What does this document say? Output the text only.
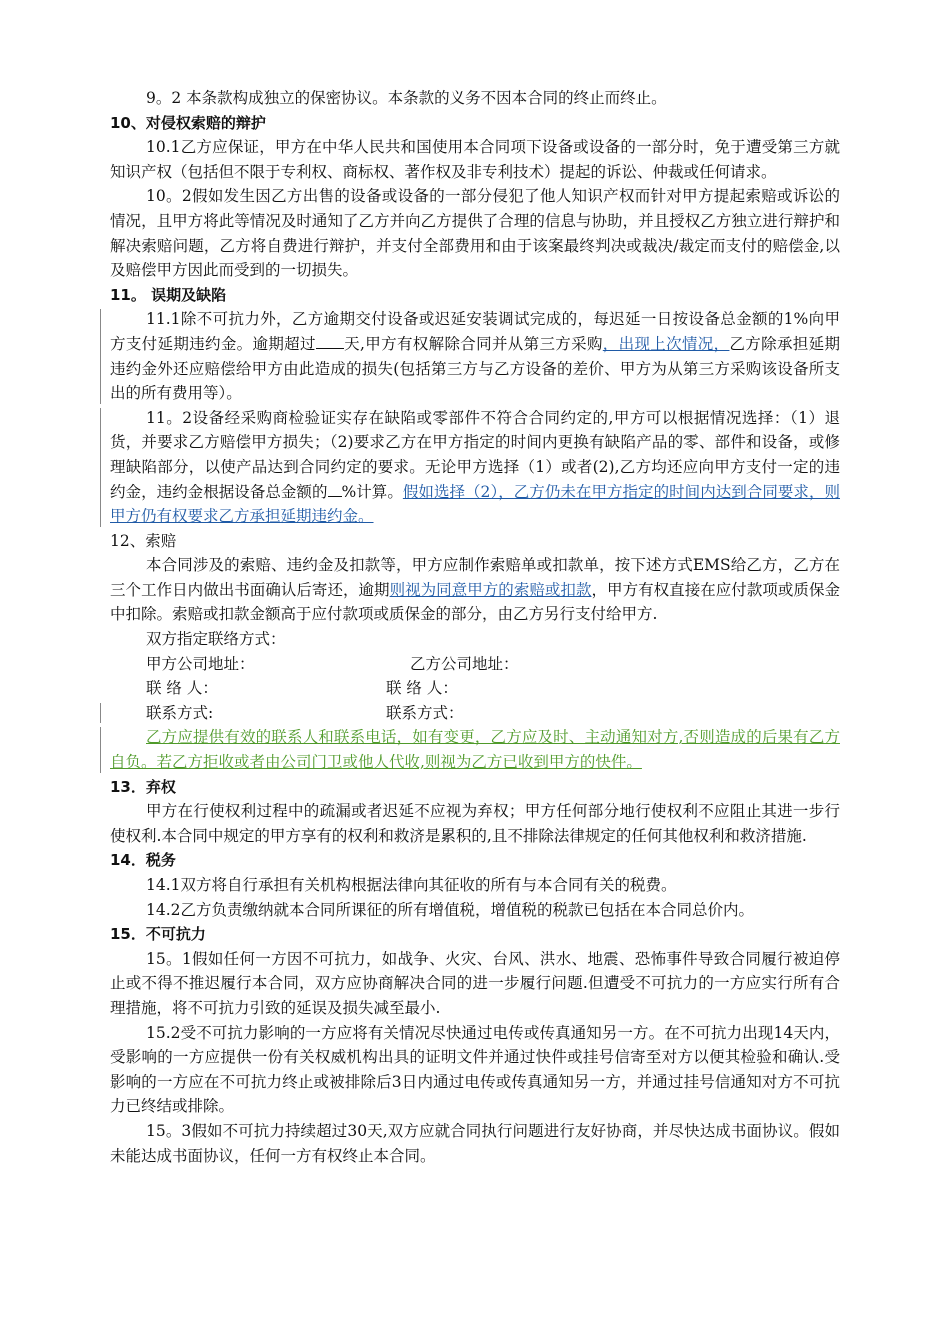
9。2 本条款构成独立的保密协议。本条款的义务不因本合同的终止而终止。

10、对侵权索赔的辩护

10.1乙方应保证，甲方在中华人民共和国使用本合同项下设备或设备的一部分时，免于遭受第三方就知识产权（包括但不限于专利权、商标权、著作权及非专利技术）提起的诉讼、仲裁或任何请求。

10。2假如发生因乙方出售的设备或设备的一部分侵犯了他人知识产权而针对甲方提起索赔或诉讼的情况，且甲方将此等情况及时通知了乙方并向乙方提供了合理的信息与协助，并且授权乙方独立进行辩护和解决索赔问题，乙方将自费进行辩护，并支付全部费用和由于该案最终判决或裁决/裁定而支付的赔偿金,以及赔偿甲方因此而受到的一切损失。

11。 误期及缺陷

11.1除不可抗力外，乙方逾期交付设备或迟延安装调试完成的，每迟延一日按设备总金额的1%向甲方支付延期违约金。逾期超过 天,甲方有权解除合同并从第三方采购，出现上次情况，乙方除承担延期违约金外还应赔偿给甲方由此造成的损失(包括第三方与乙方设备的差价、甲方为从第三方采购该设备所支出的所有费用等）。

11。2设备经采购商检验证实存在缺陷或零部件不符合合同约定的,甲方可以根据情况选择：（1）退货，并要求乙方赔偿甲方损失；（2)要求乙方在甲方指定的时间内更换有缺陷产品的零、部件和设备，或修理缺陷部分，以使产品达到合同约定的要求。无论甲方选择（1）或者(2),乙方均还应向甲方支付一定的违约金，违约金根据设备总金额的 %计算。假如选择（2），乙方仍未在甲方指定的时间内达到合同要求，则甲方仍有权要求乙方承担延期违约金。

12、索赔

本合同涉及的索赔、违约金及扣款等，甲方应制作索赔单或扣款单，按下述方式EMS给乙方，乙方在三个工作日内做出书面确认后寄还，逾期则视为同意甲方的索赔或扣款，甲方有权直接在应付款项或质保金中扣除。索赔或扣款金额高于应付款项或质保金的部分，由乙方另行支付给甲方.

双方指定联络方式：

甲方公司地址：	乙方公司地址：
联 络 人：	联 络 人：
联系方式:	联系方式：

乙方应提供有效的联系人和联系电话，如有变更，乙方应及时、主动通知对方,否则造成的后果有乙方自负。若乙方拒收或者由公司门卫或他人代收,则视为乙方已收到甲方的快件。

13．弃权

甲方在行使权利过程中的疏漏或者迟延不应视为弃权；甲方任何部分地行使权利不应阻止其进一步行使权利.本合同中规定的甲方享有的权利和救济是累积的,且不排除法律规定的任何其他权利和救济措施.

14．税务

14.1双方将自行承担有关机构根据法律向其征收的所有与本合同有关的税费。

14.2乙方负责缴纳就本合同所课征的所有增值税，增值税的税款已包括在本合同总价内。

15．不可抗力

15。1假如任何一方因不可抗力，如战争、火灾、台风、洪水、地震、恐怖事件导致合同履行被迫停止或不得不推迟履行本合同，双方应协商解决合同的进一步履行问题.但遭受不可抗力的一方应实行所有合理措施，将不可抗力引致的延误及损失减至最小.

15.2受不可抗力影响的一方应将有关情况尽快通过电传或传真通知另一方。在不可抗力出现14天内，受影响的一方应提供一份有关权威机构出具的证明文件并通过快件或挂号信寄至对方以便其检验和确认.受影响的一方应在不可抗力终止或被排除后3日内通过电传或传真通知另一方，并通过挂号信通知对方不可抗力已终结或排除。

15。3假如不可抗力持续超过30天,双方应就合同执行问题进行友好协商，并尽快达成书面协议。假如未能达成书面协议，任何一方有权终止本合同。
